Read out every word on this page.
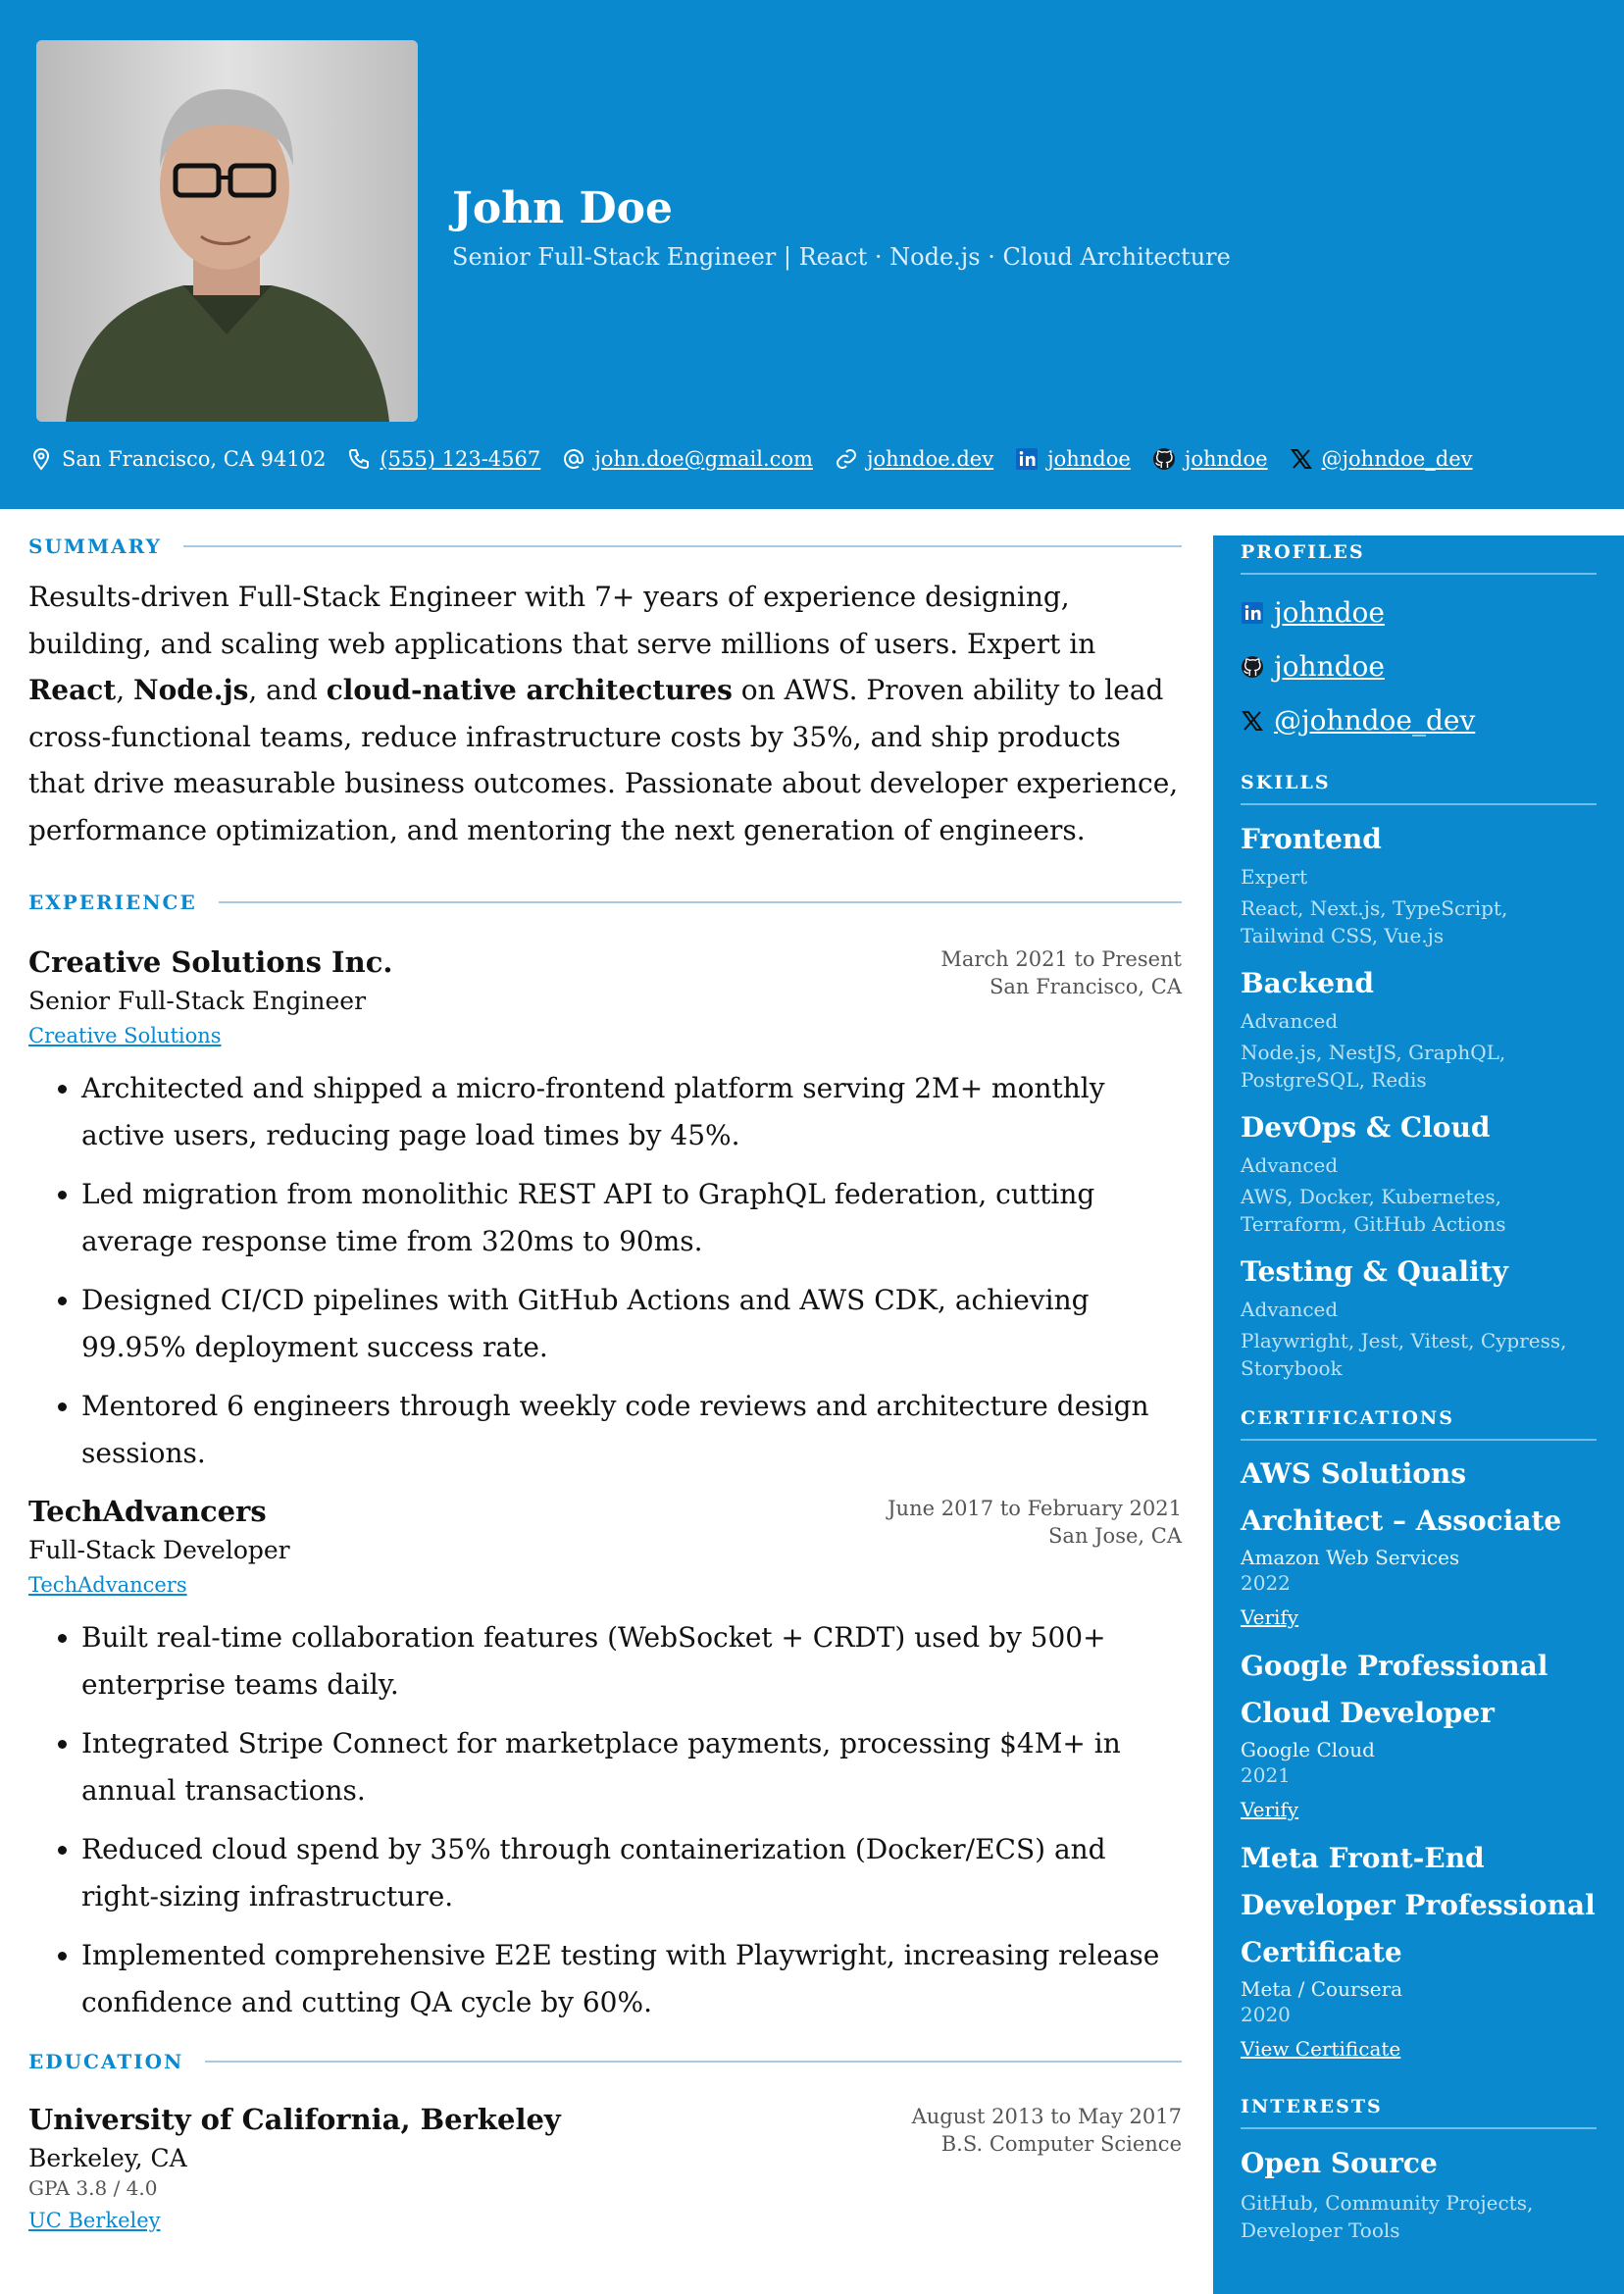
John Doe
Senior Full-Stack Engineer | React · Node.js · Cloud Architecture
San Francisco, CA 94102	(555) 123-4567	john.doe@gmail.com	johndoe.dev	johndoe	johndoe	@johndoe_dev
SUMMARY

Results-driven Full-Stack Engineer with 7+ years of experience designing, building, and scaling web applications that serve millions of users. Expert in React, Node.js, and cloud-native architectures on AWS. Proven ability to lead cross-functional teams, reduce infrastructure costs by 35%, and ship products that drive measurable business outcomes. Passionate about developer experience, performance optimization, and mentoring the next generation of engineers.

EXPERIENCE
Creative Solutions Inc.
Senior Full-Stack Engineer
Creative Solutions
March 2021 to Present
San Francisco, CA
• Architected and shipped a micro-frontend platform serving 2M+ monthly active users, reducing page load times by 45%.
• Led migration from monolithic REST API to GraphQL federation, cutting average response time from 320ms to 90ms.
• Designed CI/CD pipelines with GitHub Actions and AWS CDK, achieving 99.95% deployment success rate.
• Mentored 6 engineers through weekly code reviews and architecture design sessions.
TechAdvancers
Full-Stack Developer
TechAdvancers
June 2017 to February 2021
San Jose, CA
• Built real-time collaboration features (WebSocket + CRDT) used by 500+ enterprise teams daily.
• Integrated Stripe Connect for marketplace payments, processing $4M+ in annual transactions.
• Reduced cloud spend by 35% through containerization (Docker/ECS) and right-sizing infrastructure.
• Implemented comprehensive E2E testing with Playwright, increasing release confidence and cutting QA cycle by 60%.
EDUCATION
University of California, Berkeley
Berkeley, CA
GPA 3.8 / 4.0
UC Berkeley
August 2013 to May 2017
B.S. Computer Science
PROFILES
johndoe
johndoe
@johndoe_dev
SKILLS
Frontend
Expert
React, Next.js, TypeScript, Tailwind CSS, Vue.js
Backend
Advanced
Node.js, NestJS, GraphQL, PostgreSQL, Redis
DevOps & Cloud
Advanced
AWS, Docker, Kubernetes, Terraform, GitHub Actions
Testing & Quality
Advanced
Playwright, Jest, Vitest, Cypress, Storybook
CERTIFICATIONS
AWS Solutions Architect – Associate
Amazon Web Services
2022
Verify
Google Professional Cloud Developer
Google Cloud
2021
Verify
Meta Front-End Developer Professional Certificate
Meta / Coursera
2020
View Certificate
INTERESTS
Open Source
GitHub, Community Projects, Developer Tools
